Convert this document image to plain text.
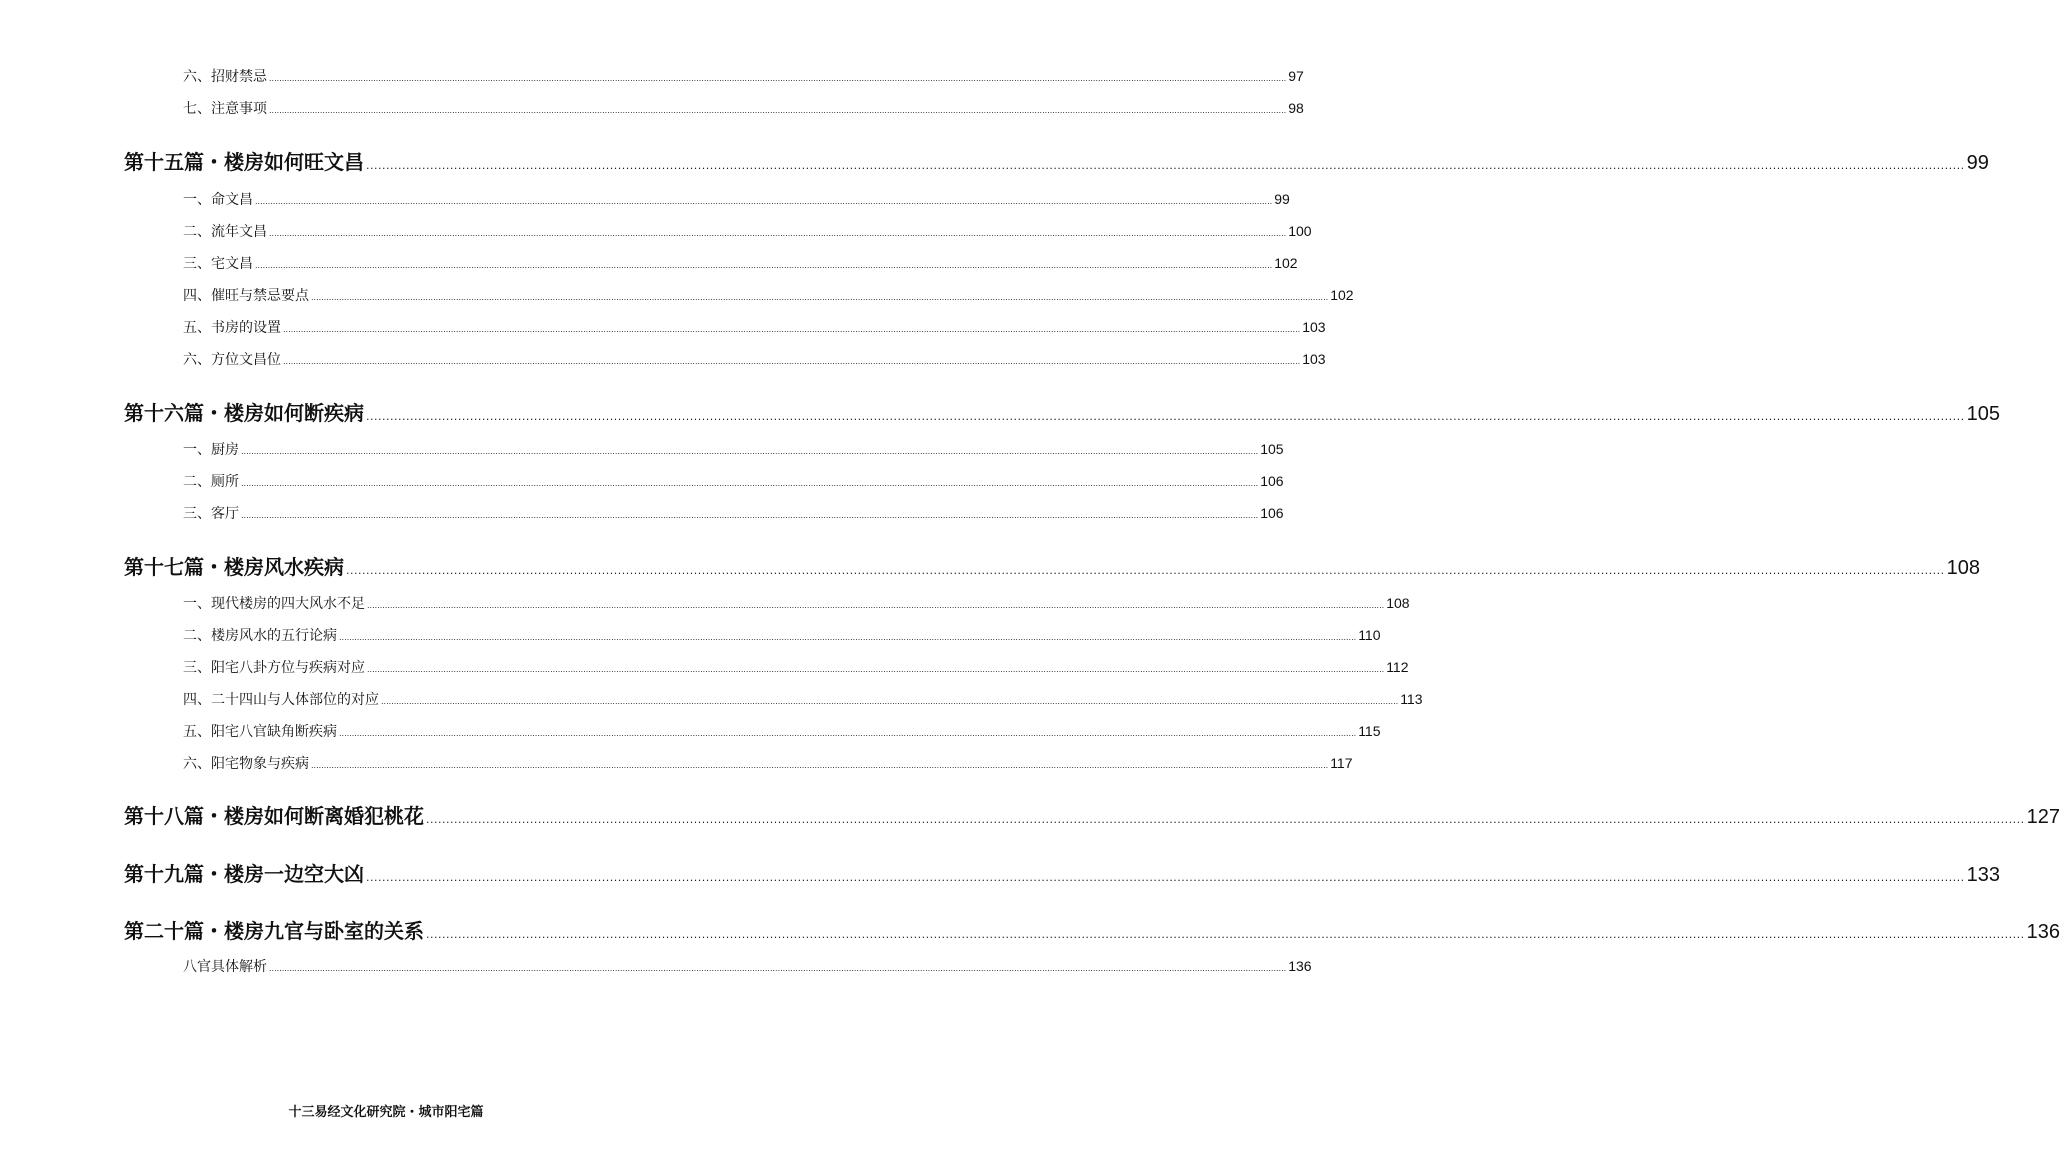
六、招财禁忌 ................................................................................................................................................................................................................................................................................................................................................................................................................ 97
七、注意事项 ................................................................................................................................................................................................................................................................................................................................................................................................................ 98
第十五篇・楼房如何旺文昌 ................................................................................................................................................................................................................................................................................................................................................................................................................ 99
一、命文昌 ................................................................................................................................................................................................................................................................................................................................................................................................................ 99
二、流年文昌 ................................................................................................................................................................................................................................................................................................................................................................................................................ 100
三、宅文昌 ................................................................................................................................................................................................................................................................................................................................................................................................................ 102
四、催旺与禁忌要点 ................................................................................................................................................................................................................................................................................................................................................................................................................ 102
五、书房的设置 ................................................................................................................................................................................................................................................................................................................................................................................................................ 103
六、方位文昌位 ................................................................................................................................................................................................................................................................................................................................................................................................................ 103
第十六篇・楼房如何断疾病 ................................................................................................................................................................................................................................................................................................................................................................................................................ 105
一、厨房 ................................................................................................................................................................................................................................................................................................................................................................................................................ 105
二、厕所 ................................................................................................................................................................................................................................................................................................................................................................................................................ 106
三、客厅 ................................................................................................................................................................................................................................................................................................................................................................................................................ 106
第十七篇・楼房风水疾病 ................................................................................................................................................................................................................................................................................................................................................................................................................ 108
一、现代楼房的四大风水不足 ................................................................................................................................................................................................................................................................................................................................................................................................................ 108
二、楼房风水的五行论病 ................................................................................................................................................................................................................................................................................................................................................................................................................ 110
三、阳宅八卦方位与疾病对应 ................................................................................................................................................................................................................................................................................................................................................................................................................ 112
四、二十四山与人体部位的对应 ................................................................................................................................................................................................................................................................................................................................................................................................................ 113
五、阳宅八官缺角断疾病 ................................................................................................................................................................................................................................................................................................................................................................................................................ 115
六、阳宅物象与疾病 ................................................................................................................................................................................................................................................................................................................................................................................................................ 117
第十八篇・楼房如何断离婚犯桃花 ................................................................................................................................................................................................................................................................................................................................................................................................................ 127
第十九篇・楼房一边空大凶 ................................................................................................................................................................................................................................................................................................................................................................................................................ 133
第二十篇・楼房九官与卧室的关系 ................................................................................................................................................................................................................................................................................................................................................................................................................ 136
八官具体解析 ................................................................................................................................................................................................................................................................................................................................................................................................................ 136
十三易经文化研究院・城市阳宅篇
